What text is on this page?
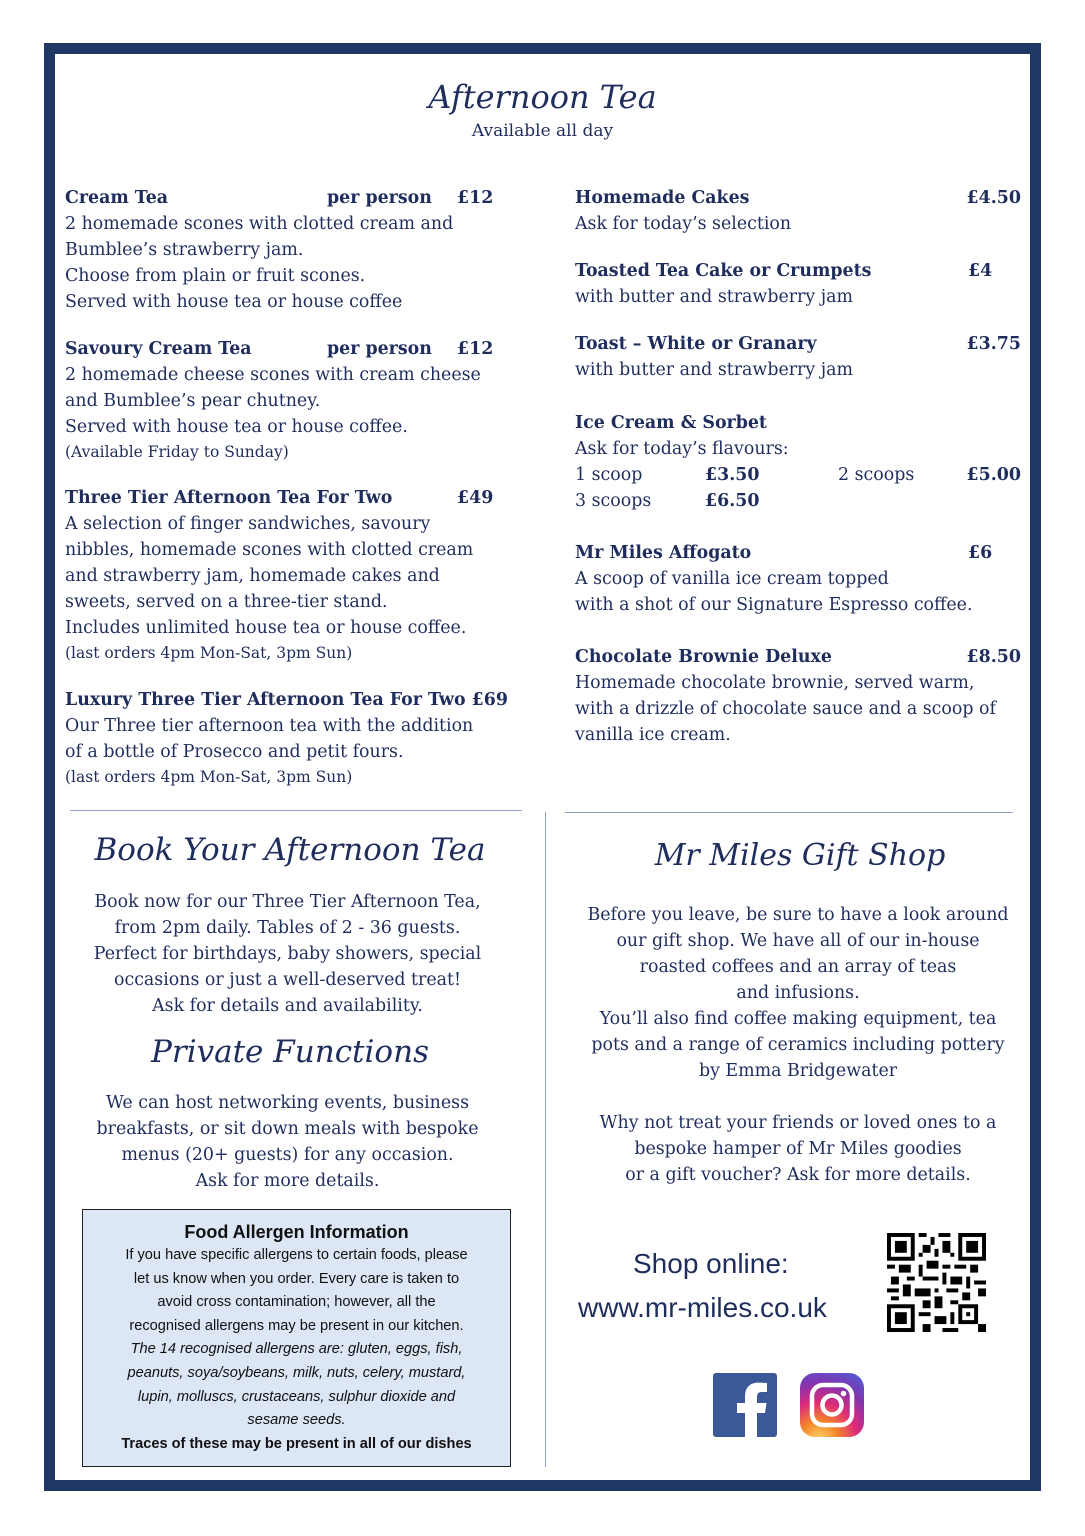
Afternoon Tea
Available all day
Cream Tea	per person £12
2 homemade scones with clotted cream and
Bumblee’s strawberry jam.
Choose from plain or fruit scones.
Served with house tea or house coffee
Savoury Cream Tea	per person £12
2 homemade cheese scones with cream cheese
and Bumblee’s pear chutney.
Served with house tea or house coffee.
(Available Friday to Sunday)
Three Tier Afternoon Tea For Two	£49
A selection of finger sandwiches, savoury
nibbles, homemade scones with clotted cream
and strawberry jam, homemade cakes and
sweets, served on a three-tier stand.
Includes unlimited house tea or house coffee.
(last orders 4pm Mon-Sat, 3pm Sun)
Luxury Three Tier Afternoon Tea For Two £69
Our Three tier afternoon tea with the addition
of a bottle of Prosecco and petit fours.
(last orders 4pm Mon-Sat, 3pm Sun)
Homemade Cakes	£4.50
Ask for today’s selection
Toasted Tea Cake or Crumpets	£4
with butter and strawberry jam
Toast – White or Granary	£3.75
with butter and strawberry jam
Ice Cream & Sorbet
Ask for today’s flavours:
1 scoop	£3.50	2 scoops	£5.00
3 scoops	£6.50
Mr Miles Affogato	£6
A scoop of vanilla ice cream topped
with a shot of our Signature Espresso coffee.
Chocolate Brownie Deluxe	£8.50
Homemade chocolate brownie, served warm,
with a drizzle of chocolate sauce and a scoop of
vanilla ice cream.
Book Your Afternoon Tea
Book now for our Three Tier Afternoon Tea,
from 2pm daily. Tables of 2 - 36 guests.
Perfect for birthdays, baby showers, special
occasions or just a well-deserved treat!
Ask for details and availability.
Private Functions
We can host networking events, business
breakfasts, or sit down meals with bespoke
menus (20+ guests) for any occasion.
Ask for more details.
Food Allergen Information
If you have specific allergens to certain foods, please
let us know when you order. Every care is taken to
avoid cross contamination; however, all the
recognised allergens may be present in our kitchen.
The 14 recognised allergens are: gluten, eggs, fish,
peanuts, soya/soybeans, milk, nuts, celery, mustard,
lupin, molluscs, crustaceans, sulphur dioxide and
sesame seeds.
Traces of these may be present in all of our dishes
Mr Miles Gift Shop
Before you leave, be sure to have a look around
our gift shop. We have all of our in-house
roasted coffees and an array of teas
and infusions.
You’ll also find coffee making equipment, tea
pots and a range of ceramics including pottery
by Emma Bridgewater
Why not treat your friends or loved ones to a
bespoke hamper of Mr Miles goodies
or a gift voucher? Ask for more details.
Shop online:
www.mr-miles.co.uk
